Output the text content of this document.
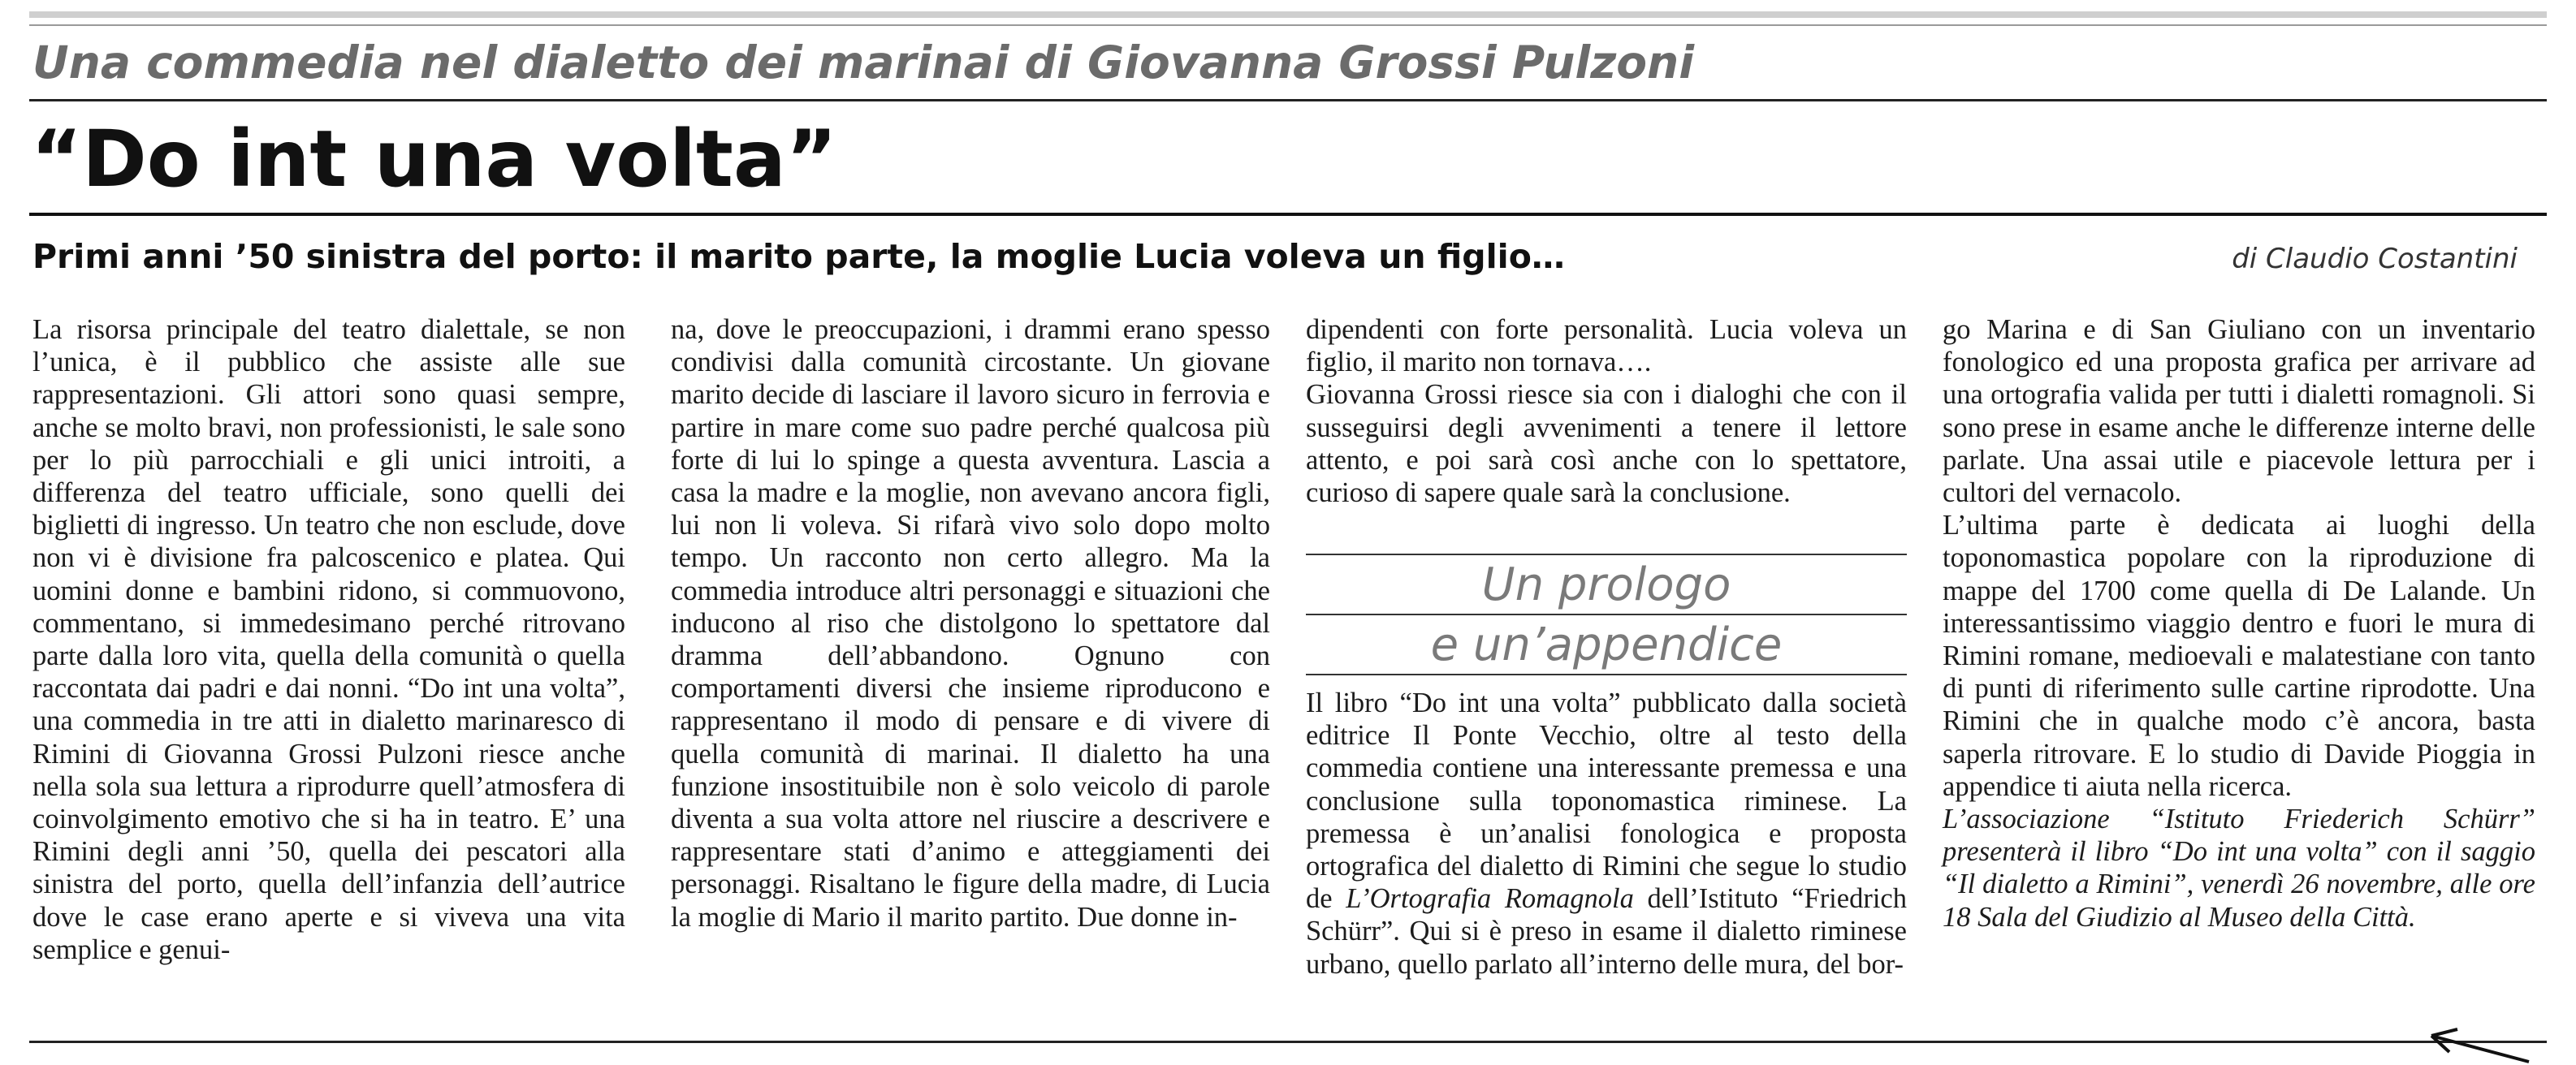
Una commedia nel dialetto dei marinai di Giovanna Grossi Pulzoni
“Do int una volta”
Primi anni ’50 sinistra del porto: il marito parte, la moglie Lucia voleva un figlio…	di Claudio Costantini

La risorsa principale del teatro dialettale, se non l’unica, è il pubblico che assiste alle sue rappresentazioni. Gli attori sono quasi sempre, anche se molto bravi, non professionisti, le sale sono per lo più parrocchiali e gli unici introiti, a differenza del teatro ufficiale, sono quelli dei biglietti di ingresso. Un teatro che non esclude, dove non vi è divisione fra palcoscenico e platea. Qui uomini donne e bambini ridono, si commuovono, commentano, si immedesimano perché ritrovano parte dalla loro vita, quella della comunità o quella raccontata dai padri e dai nonni. “Do int una volta”, una commedia in tre atti in dialetto marinaresco di Rimini di Giovanna Grossi Pulzoni riesce anche nella sola sua lettura a riprodurre quell’atmosfera di coinvolgimento emotivo che si ha in teatro. E’ una Rimini degli anni ’50, quella dei pescatori alla sinistra del porto, quella dell’infanzia dell’autrice dove le case erano aperte e si viveva una vita semplice e genui-

na, dove le preoccupazioni, i drammi erano spesso condivisi dalla comunità circostante. Un giovane marito decide di lasciare il lavoro sicuro in ferrovia e partire in mare come suo padre perché qualcosa più forte di lui lo spinge a questa avventura. Lascia a casa la madre e la moglie, non avevano ancora figli, lui non li voleva. Si rifarà vivo solo dopo molto tempo. Un racconto non certo allegro. Ma la commedia introduce altri personaggi e situazioni che inducono al riso che distolgono lo spettatore dal dramma dell’abbandono. Ognuno con comportamenti diversi che insieme riproducono e rappresentano il modo di pensare e di vivere di quella comunità di marinai. Il dialetto ha una funzione insostituibile non è solo veicolo di parole diventa a sua volta attore nel riuscire a descrivere e rappresentare stati d’animo e atteggiamenti dei personaggi. Risaltano le figure della madre, di Lucia la moglie di Mario il marito partito. Due donne in-

dipendenti con forte personalità. Lucia voleva un figlio, il marito non tornava….

Giovanna Grossi riesce sia con i dialoghi che con il susseguirsi degli avvenimenti a tenere il lettore attento, e poi sarà così anche con lo spettatore, curioso di sapere quale sarà la conclusione.

Un prologo
e un’appendice

Il libro “Do int una volta” pubblicato dalla società editrice Il Ponte Vecchio, oltre al testo della commedia contiene una interessante premessa e una conclusione sulla toponomastica riminese. La premessa è un’analisi fonologica e proposta ortografica del dialetto di Rimini che segue lo studio de L’Ortografia Romagnola dell’Istituto “Friedrich Schürr”. Qui si è preso in esame il dialetto riminese urbano, quello parlato all’interno delle mura, del bor-

go Marina e di San Giuliano con un inventario fonologico ed una proposta grafica per arrivare ad una ortografia valida per tutti i dialetti romagnoli. Si sono prese in esame anche le differenze interne delle parlate. Una assai utile e piacevole lettura per i cultori del vernacolo.

L’ultima parte è dedicata ai luoghi della toponomastica popolare con la riproduzione di mappe del 1700 come quella di De Lalande. Un interessantissimo viaggio dentro e fuori le mura di Rimini romane, medioevali e malatestiane con tanto di punti di riferimento sulle cartine riprodotte. Una Rimini che in qualche modo c’è ancora, basta saperla ritrovare. E lo studio di Davide Pioggia in appendice ti aiuta nella ricerca.

L’associazione “Istituto Friederich Schürr” presenterà il libro “Do int una volta” con il saggio “Il dialetto a Rimini”, venerdì 26 novembre, alle ore 18 Sala del Giudizio al Museo della Città.
